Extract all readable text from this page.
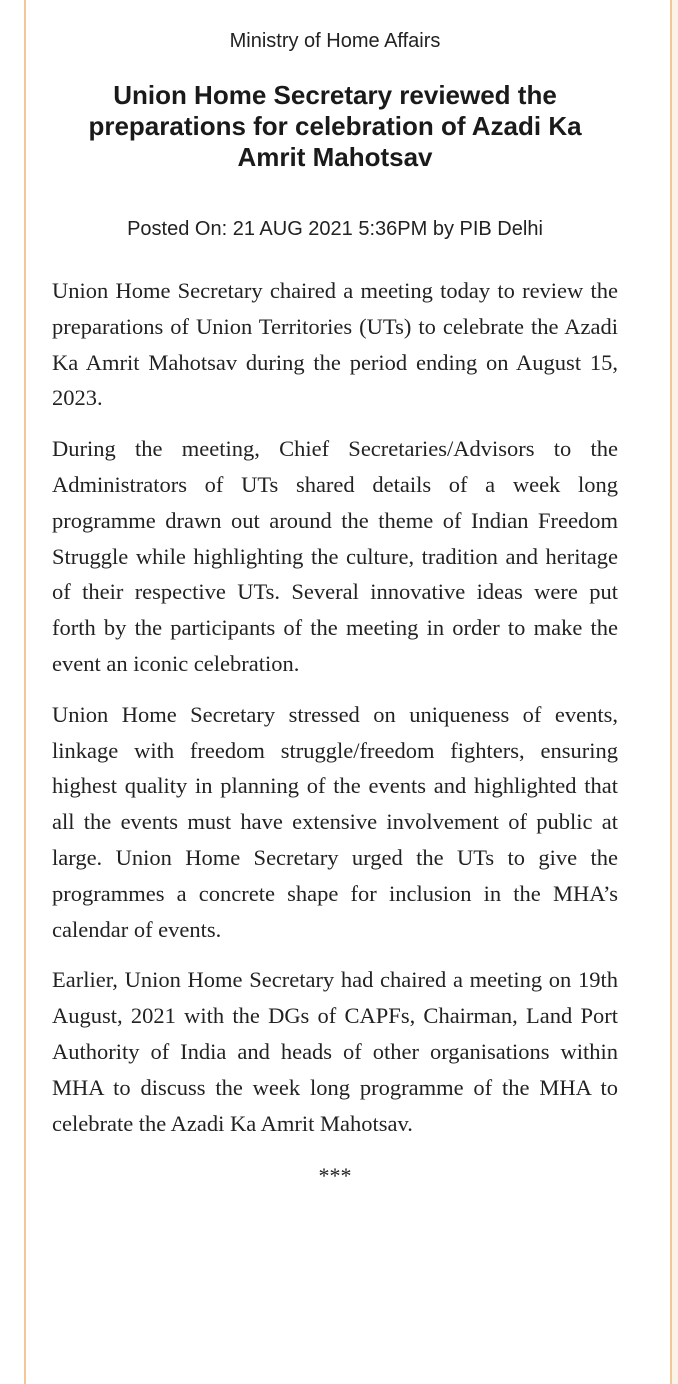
Ministry of Home Affairs
Union Home Secretary reviewed the preparations for celebration of Azadi Ka Amrit Mahotsav
Posted On: 21 AUG 2021 5:36PM by PIB Delhi

Union Home Secretary chaired a meeting today to review the preparations of Union Territories (UTs) to celebrate the Azadi Ka Amrit Mahotsav during the period ending on August 15, 2023.

During the meeting, Chief Secretaries/Advisors to the Administrators of UTs shared details of a week long programme drawn out around the theme of Indian Freedom Struggle while highlighting the culture, tradition and heritage of their respective UTs. Several innovative ideas were put forth by the participants of the meeting in order to make the event an iconic celebration.

Union Home Secretary stressed on uniqueness of events, linkage with freedom struggle/freedom fighters, ensuring highest quality in planning of the events and highlighted that all the events must have extensive involvement of public at large. Union Home Secretary urged the UTs to give the programmes a concrete shape for inclusion in the MHA’s calendar of events.

Earlier, Union Home Secretary had chaired a meeting on 19th August, 2021 with the DGs of CAPFs, Chairman, Land Port Authority of India and heads of other organisations within MHA to discuss the week long programme of the MHA to celebrate the Azadi Ka Amrit Mahotsav.

***
